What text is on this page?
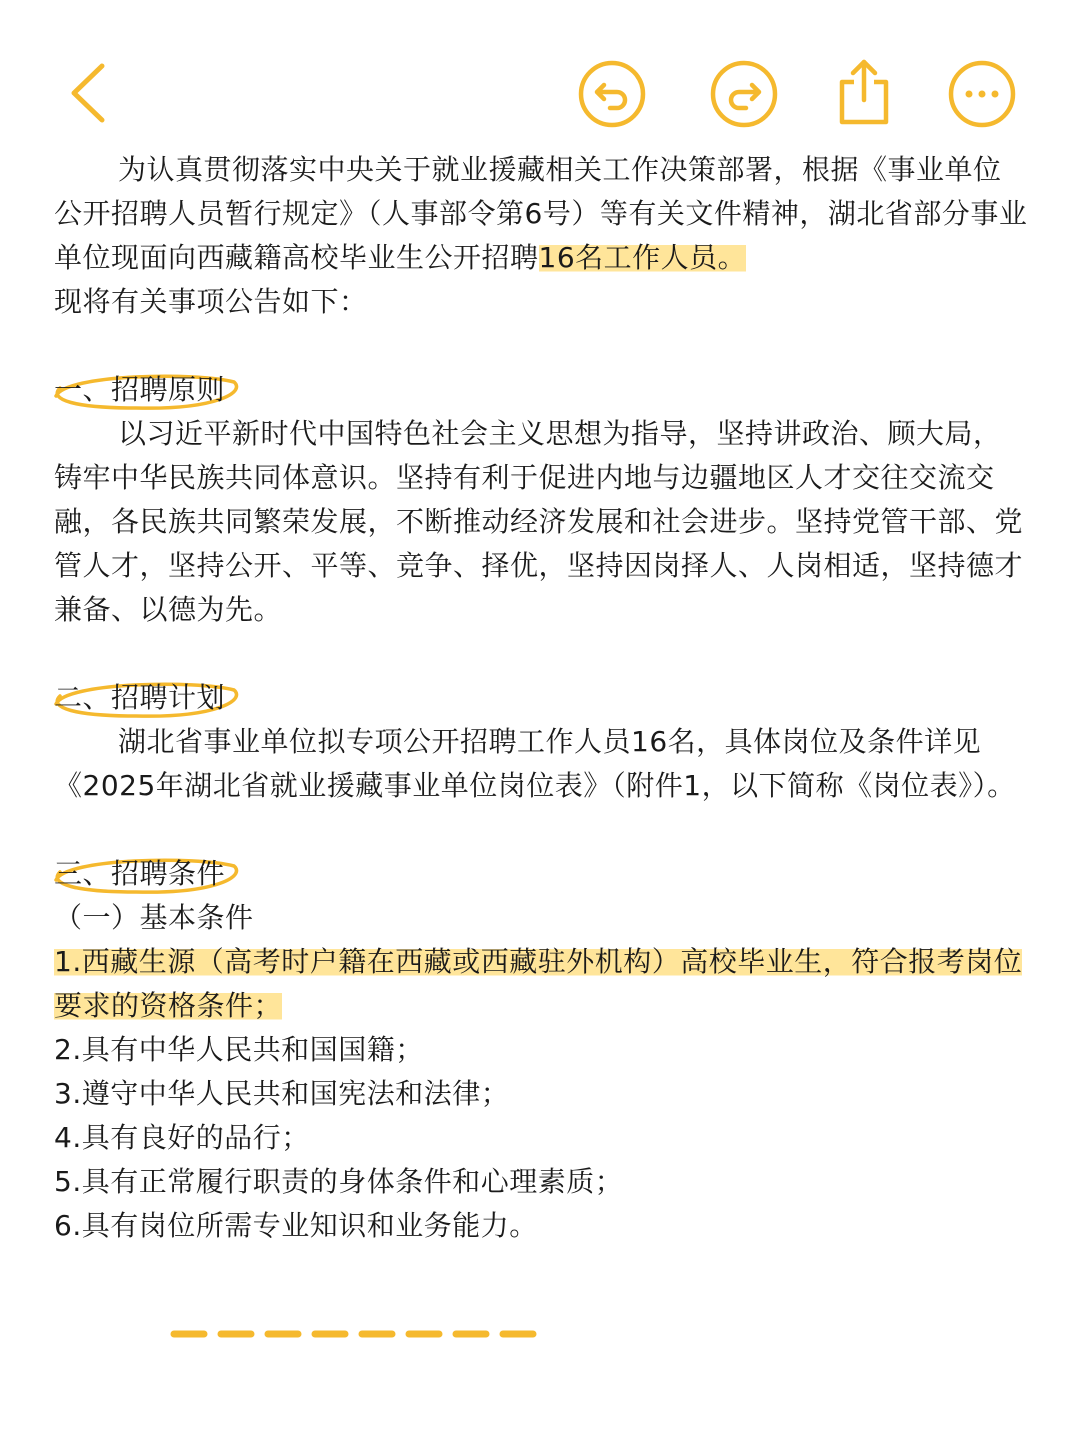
为认真贯彻落实中央关于就业援藏相关工作决策部署，根据《事业单位公开招聘人员暂行规定》（人事部令第6号）等有关文件精神，湖北省部分事业单位现面向西藏籍高校毕业生公开招聘16名工作人员。
现将有关事项公告如下：

一、招聘原则

以习近平新时代中国特色社会主义思想为指导，坚持讲政治、顾大局，铸牢中华民族共同体意识。坚持有利于促进内地与边疆地区人才交往交流交融，各民族共同繁荣发展，不断推动经济发展和社会进步。坚持党管干部、党管人才，坚持公开、平等、竞争、择优，坚持因岗择人、人岗相适，坚持德才兼备、以德为先。

二、招聘计划

湖北省事业单位拟专项公开招聘工作人员16名，具体岗位及条件详见《2025年湖北省就业援藏事业单位岗位表》（附件1，以下简称《岗位表》）。

三、招聘条件

（一）基本条件

1.西藏生源（高考时户籍在西藏或西藏驻外机构）高校毕业生，符合报考岗位要求的资格条件；

2.具有中华人民共和国国籍；

3.遵守中华人民共和国宪法和法律；

4.具有良好的品行；

5.具有正常履行职责的身体条件和心理素质；

6.具有岗位所需专业知识和业务能力。
